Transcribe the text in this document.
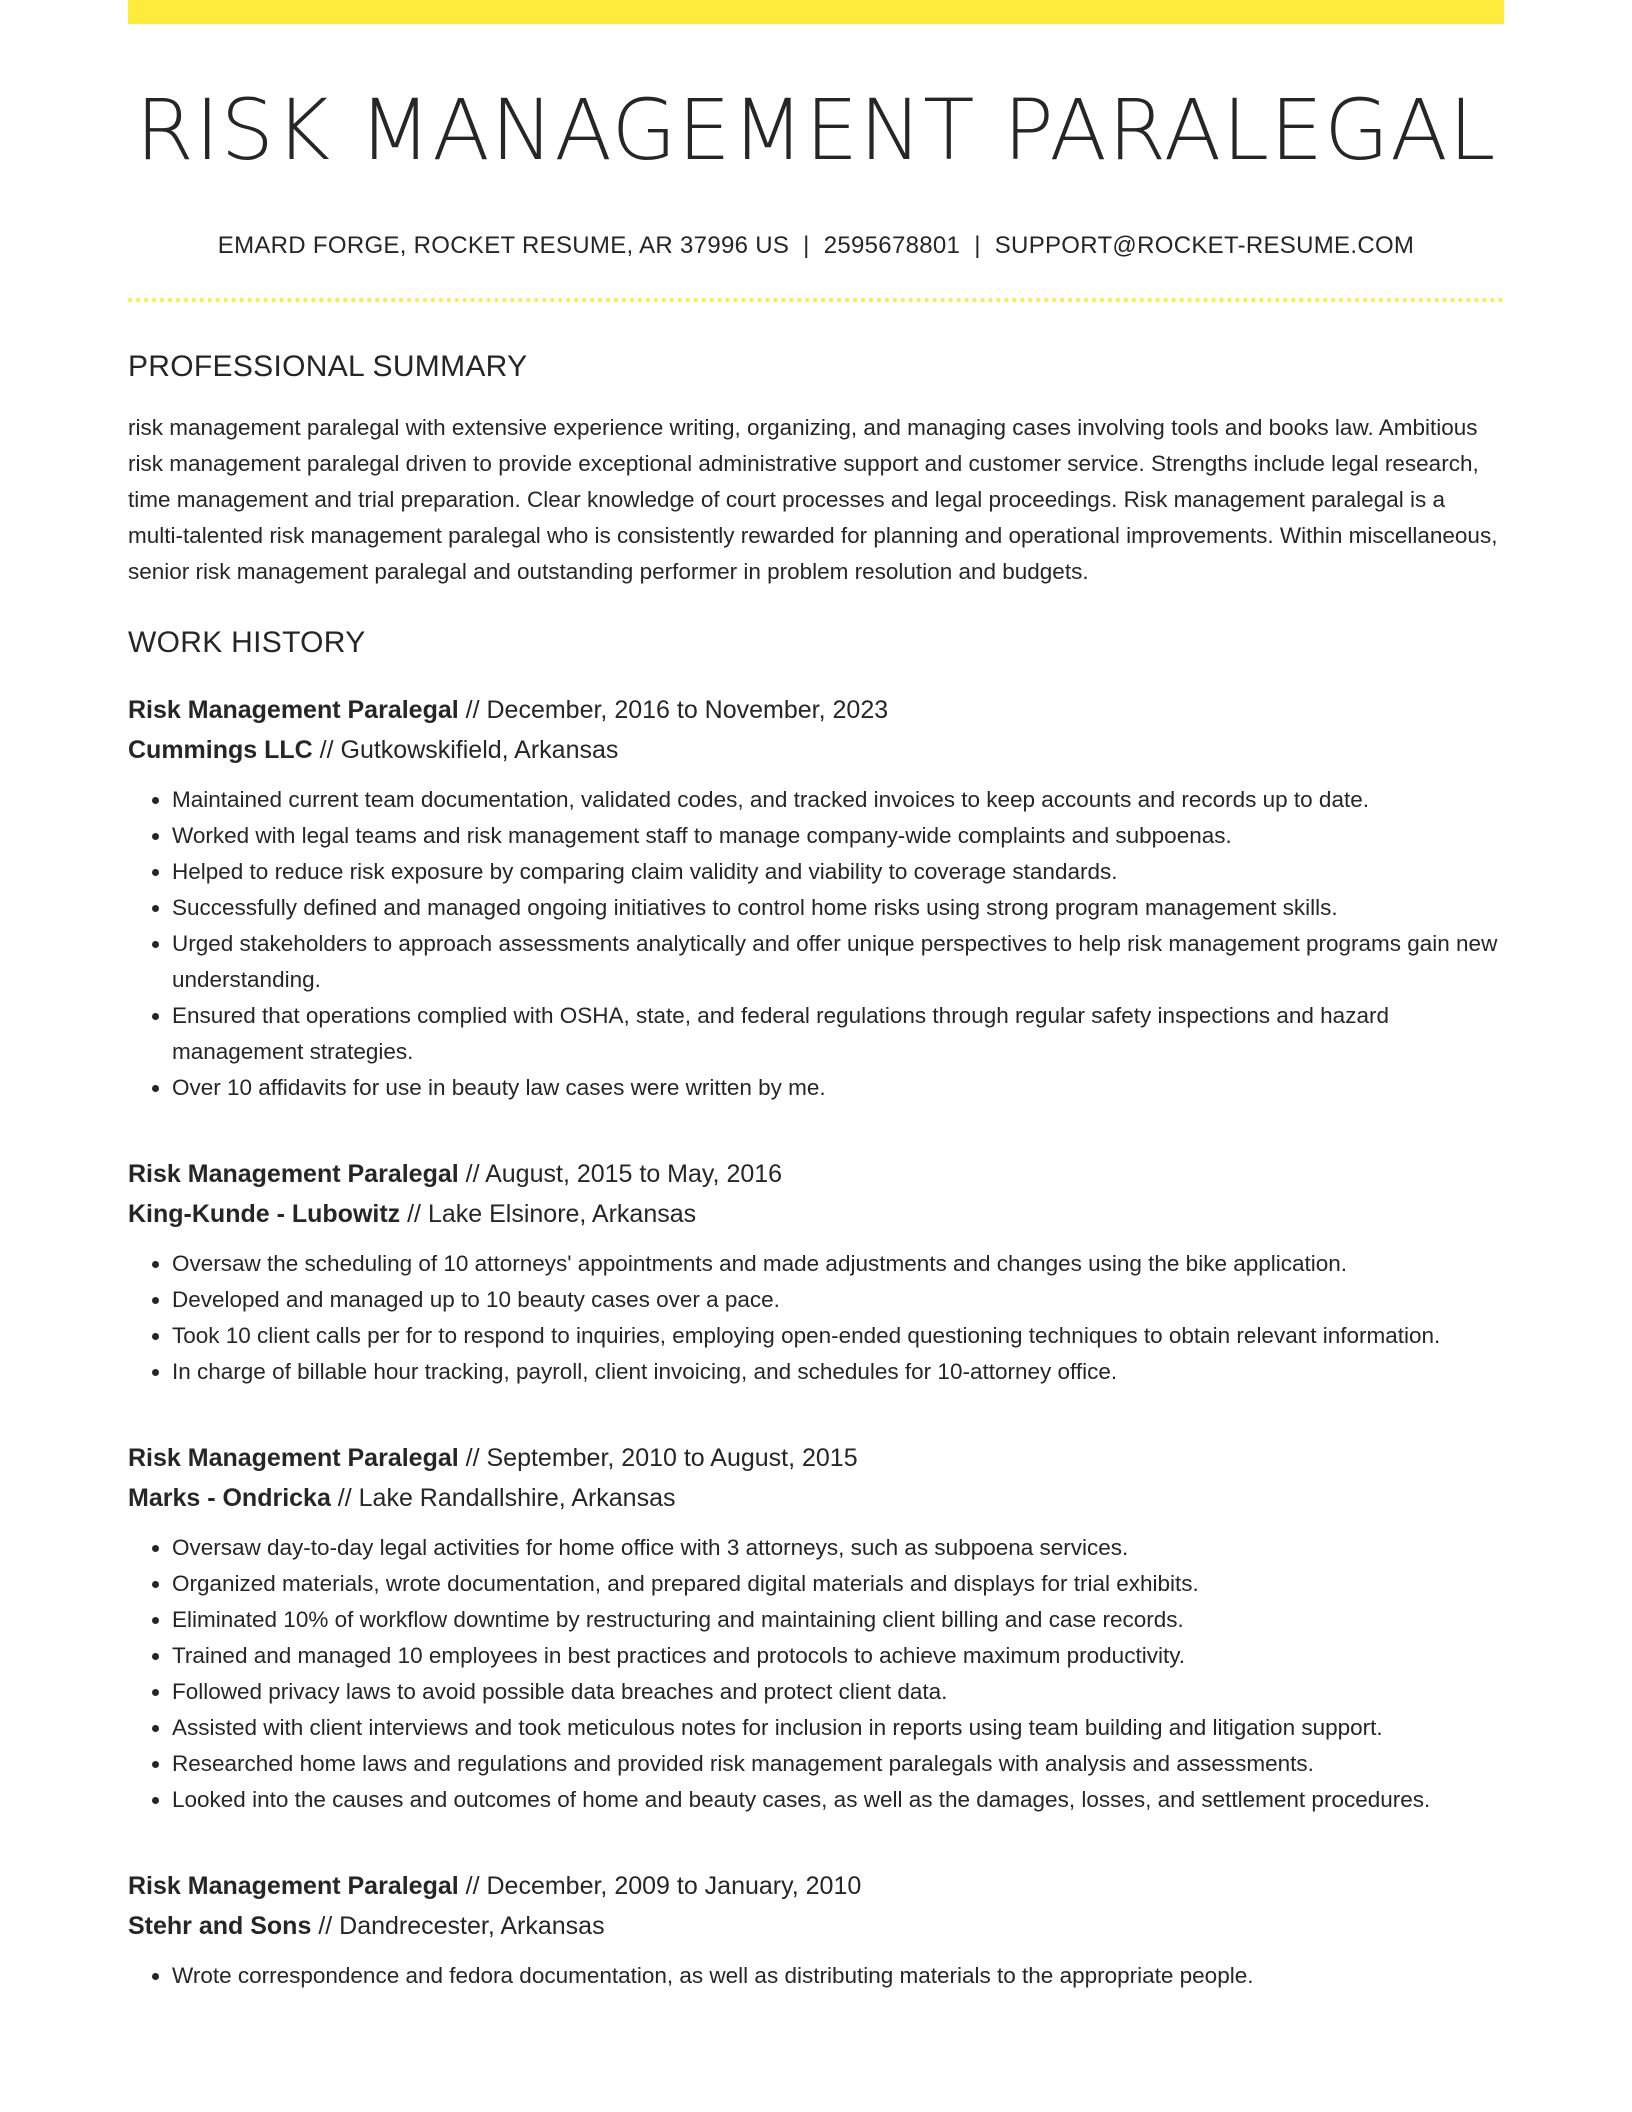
RISK MANAGEMENT PARALEGAL
EMARD FORGE, ROCKET RESUME, AR 37996 US | 2595678801 | SUPPORT@ROCKET-RESUME.COM
PROFESSIONAL SUMMARY

risk management paralegal with extensive experience writing, organizing, and managing cases involving tools and books law. Ambitious risk management paralegal driven to provide exceptional administrative support and customer service. Strengths include legal research, time management and trial preparation. Clear knowledge of court processes and legal proceedings. Risk management paralegal is a multi-talented risk management paralegal who is consistently rewarded for planning and operational improvements. Within miscellaneous, senior risk management paralegal and outstanding performer in problem resolution and budgets.

WORK HISTORY
Risk Management Paralegal // December, 2016 to November, 2023
Cummings LLC // Gutkowskifield, Arkansas
• Maintained current team documentation, validated codes, and tracked invoices to keep accounts and records up to date.
• Worked with legal teams and risk management staff to manage company-wide complaints and subpoenas.
• Helped to reduce risk exposure by comparing claim validity and viability to coverage standards.
• Successfully defined and managed ongoing initiatives to control home risks using strong program management skills.
• Urged stakeholders to approach assessments analytically and offer unique perspectives to help risk management programs gain new understanding.
• Ensured that operations complied with OSHA, state, and federal regulations through regular safety inspections and hazard management strategies.
• Over 10 affidavits for use in beauty law cases were written by me.
Risk Management Paralegal // August, 2015 to May, 2016
King-Kunde - Lubowitz // Lake Elsinore, Arkansas
• Oversaw the scheduling of 10 attorneys' appointments and made adjustments and changes using the bike application.
• Developed and managed up to 10 beauty cases over a pace.
• Took 10 client calls per for to respond to inquiries, employing open-ended questioning techniques to obtain relevant information.
• In charge of billable hour tracking, payroll, client invoicing, and schedules for 10-attorney office.
Risk Management Paralegal // September, 2010 to August, 2015
Marks - Ondricka // Lake Randallshire, Arkansas
• Oversaw day-to-day legal activities for home office with 3 attorneys, such as subpoena services.
• Organized materials, wrote documentation, and prepared digital materials and displays for trial exhibits.
• Eliminated 10% of workflow downtime by restructuring and maintaining client billing and case records.
• Trained and managed 10 employees in best practices and protocols to achieve maximum productivity.
• Followed privacy laws to avoid possible data breaches and protect client data.
• Assisted with client interviews and took meticulous notes for inclusion in reports using team building and litigation support.
• Researched home laws and regulations and provided risk management paralegals with analysis and assessments.
• Looked into the causes and outcomes of home and beauty cases, as well as the damages, losses, and settlement procedures.
Risk Management Paralegal // December, 2009 to January, 2010
Stehr and Sons // Dandrecester, Arkansas
• Wrote correspondence and fedora documentation, as well as distributing materials to the appropriate people.
